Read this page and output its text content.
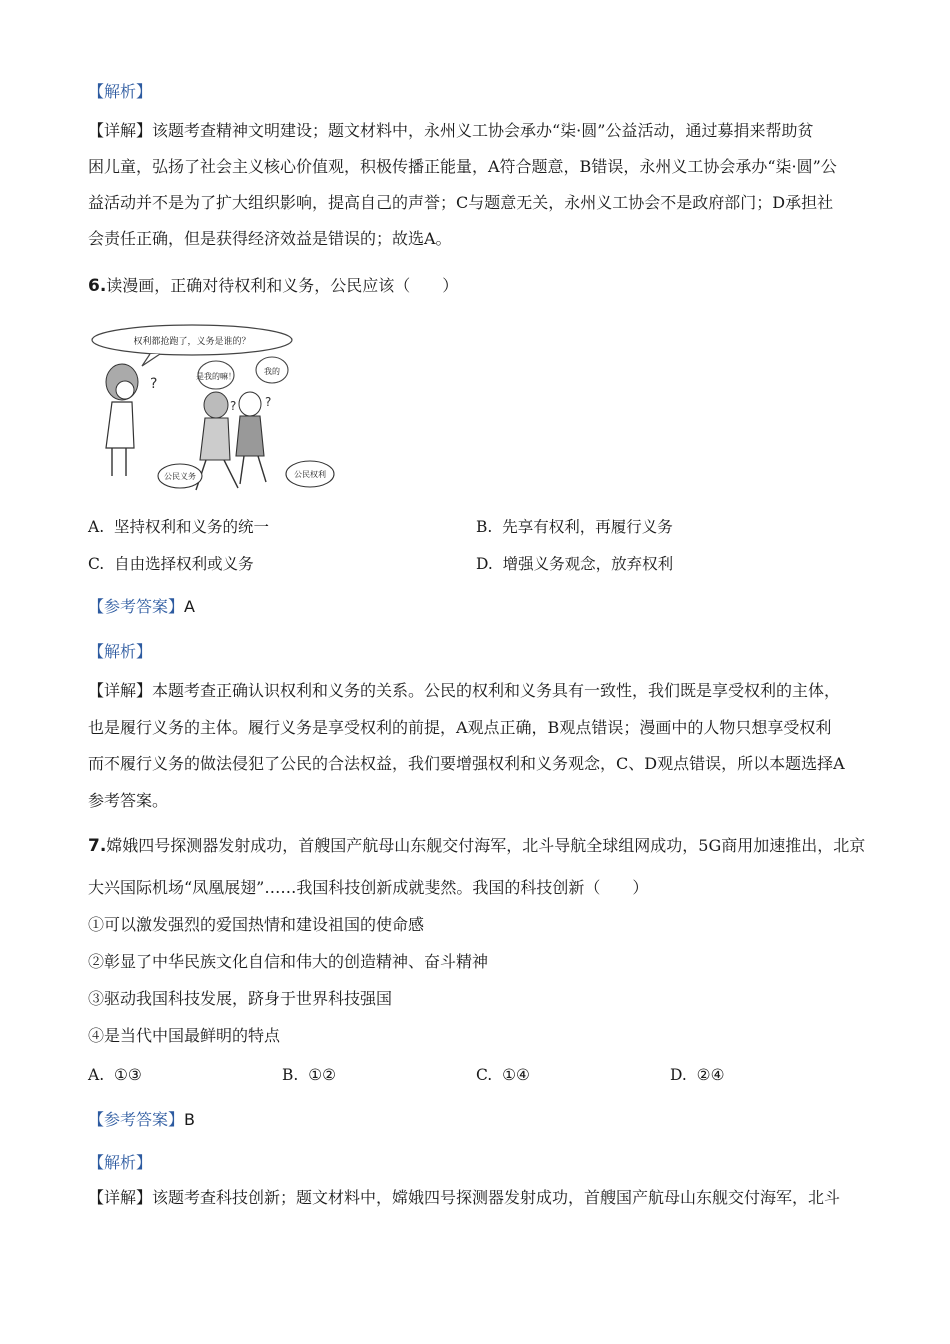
【解析】
【详解】该题考查精神文明建设；题文材料中，永州义工协会承办“柒·圆”公益活动，通过募捐来帮助贫
困儿童，弘扬了社会主义核心价值观，积极传播正能量，A符合题意，B错误，永州义工协会承办“柒·圆”公
益活动并不是为了扩大组织影响，提高自己的声誉；C与题意无关，永州义工协会不是政府部门；D承担社
会责任正确，但是获得经济效益是错误的；故选A。
6.读漫画，正确对待权利和义务，公民应该（　　）
权利都抢跑了，义务是谁的？
?
? ?
是我的嘛！
我的
公民义务	公民权利
A. 坚持权利和义务的统一	B. 先享有权利，再履行义务
C. 自由选择权利或义务	D. 增强义务观念，放弃权利
【参考答案】A
【解析】
【详解】本题考查正确认识权利和义务的关系。公民的权利和义务具有一致性，我们既是享受权利的主体，
也是履行义务的主体。履行义务是享受权利的前提，A观点正确，B观点错误；漫画中的人物只想享受权利
而不履行义务的做法侵犯了公民的合法权益，我们要增强权利和义务观念，C、D观点错误，所以本题选择A
参考答案。
7.嫦娥四号探测器发射成功，首艘国产航母山东舰交付海军，北斗导航全球组网成功，5G商用加速推出，北京
大兴国际机场“凤凰展翅”……我国科技创新成就斐然。我国的科技创新（　　）
①可以激发强烈的爱国热情和建设祖国的使命感
②彰显了中华民族文化自信和伟大的创造精神、奋斗精神
③驱动我国科技发展，跻身于世界科技强国
④是当代中国最鲜明的特点
A. ①③	B. ①②	C. ①④	D. ②④
【参考答案】B
【解析】
【详解】该题考查科技创新；题文材料中，嫦娥四号探测器发射成功，首艘国产航母山东舰交付海军，北斗
